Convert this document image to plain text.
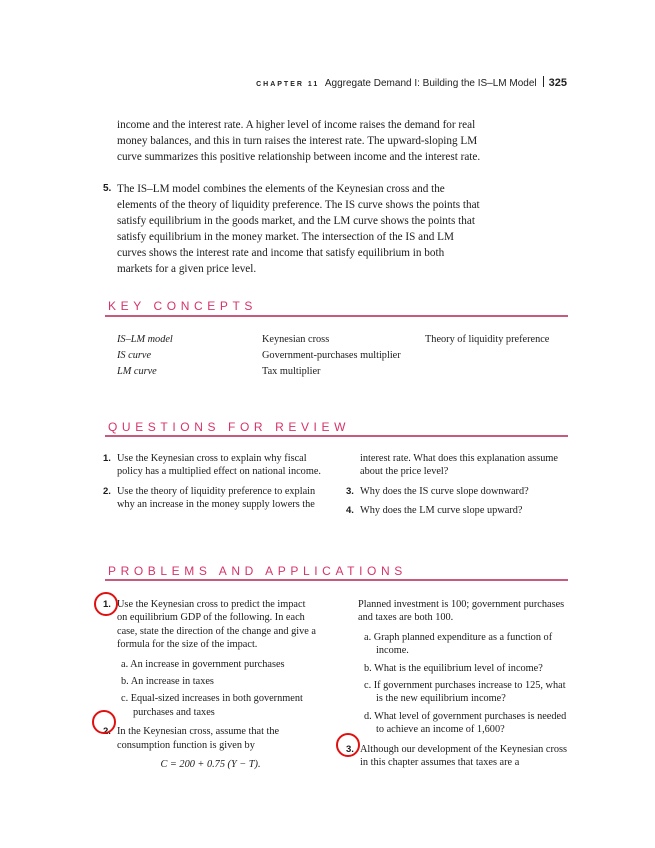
CHAPTER 11 Aggregate Demand I: Building the IS–LM Model 325
income and the interest rate. A higher level of income raises the demand for real money balances, and this in turn raises the interest rate. The upward-sloping LM curve summarizes this positive relationship between income and the interest rate.
5. The IS–LM model combines the elements of the Keynesian cross and the elements of the theory of liquidity preference. The IS curve shows the points that satisfy equilibrium in the goods market, and the LM curve shows the points that satisfy equilibrium in the money market. The intersection of the IS and LM curves shows the interest rate and income that satisfy equilibrium in both markets for a given price level.
KEY CONCEPTS
IS–LM model
IS curve
LM curve
Keynesian cross
Government-purchases multiplier
Tax multiplier
Theory of liquidity preference
QUESTIONS FOR REVIEW
1. Use the Keynesian cross to explain why fiscal policy has a multiplied effect on national income.
2. Use the theory of liquidity preference to explain why an increase in the money supply lowers the
interest rate. What does this explanation assume about the price level?
3. Why does the IS curve slope downward?
4. Why does the LM curve slope upward?
PROBLEMS AND APPLICATIONS
1. Use the Keynesian cross to predict the impact on equilibrium GDP of the following. In each case, state the direction of the change and give a formula for the size of the impact.
a. An increase in government purchases
b. An increase in taxes
c. Equal-sized increases in both government purchases and taxes
2. In the Keynesian cross, assume that the consumption function is given by
C = 200 + 0.75 (Y − T).
Planned investment is 100; government purchases and taxes are both 100.
a. Graph planned expenditure as a function of income.
b. What is the equilibrium level of income?
c. If government purchases increase to 125, what is the new equilibrium income?
d. What level of government purchases is needed to achieve an income of 1,600?
3. Although our development of the Keynesian cross in this chapter assumes that taxes are a
